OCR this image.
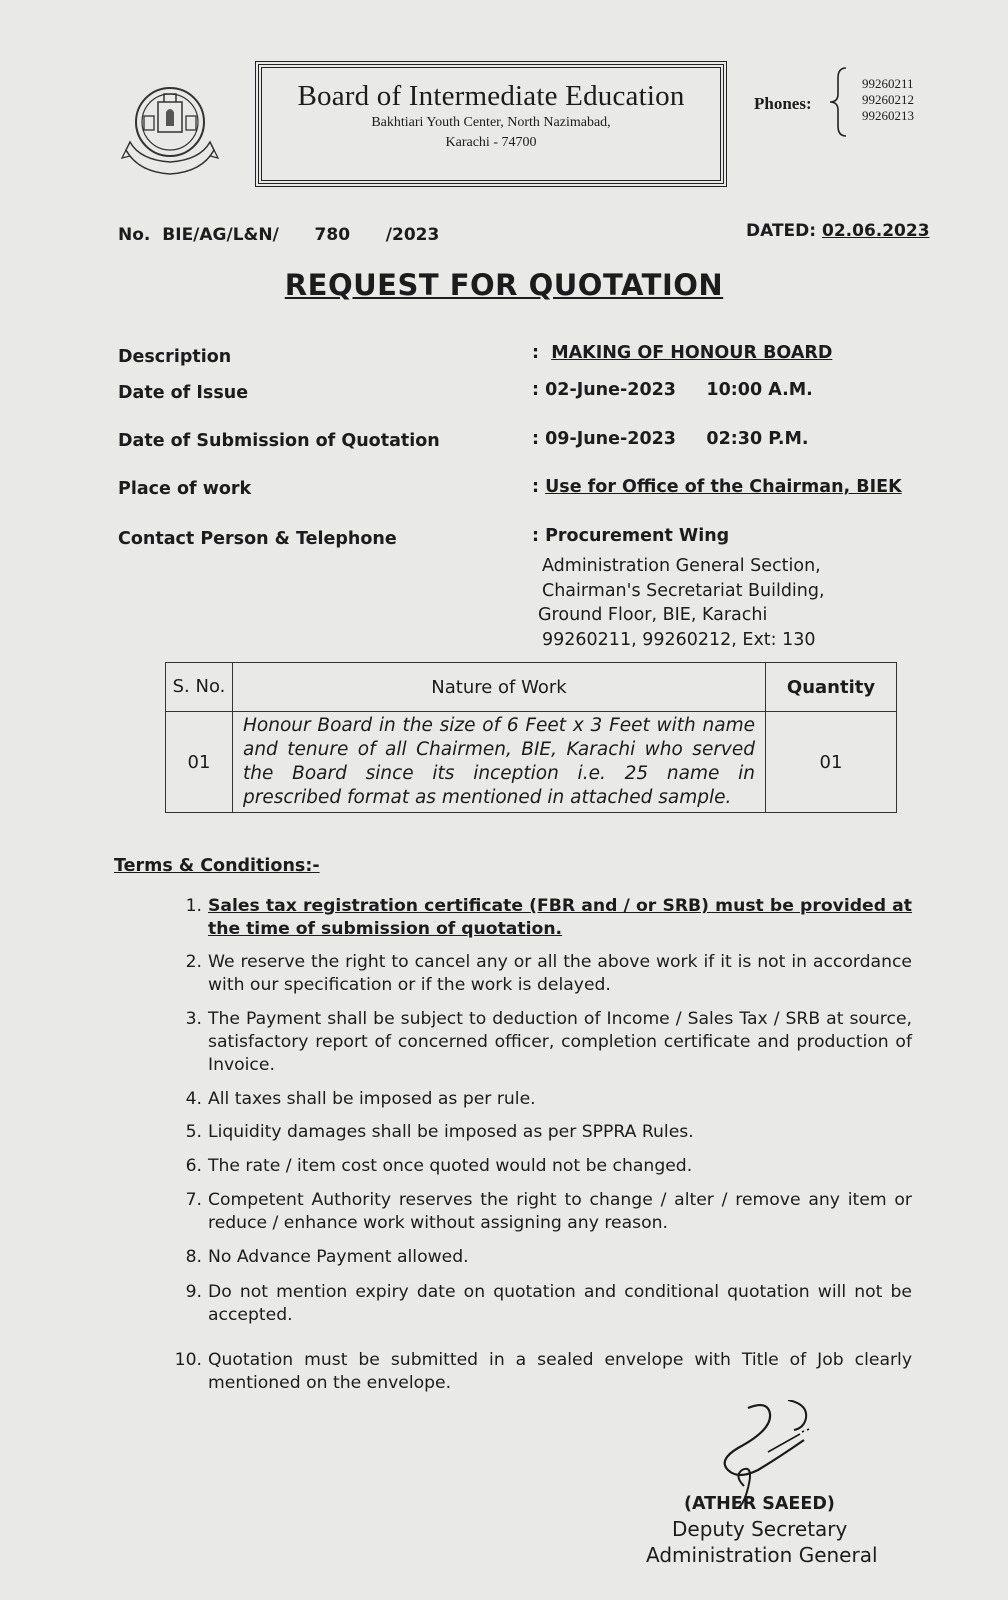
Board of Intermediate Education
Bakhtiari Youth Center, North Nazimabad,
Karachi - 74700
Phones:
99260211
99260212
99260213
No. BIE/AG/L&N/   780   /2023	DATED: 02.06.2023
REQUEST FOR QUOTATION
Description	:  MAKING OF HONOUR BOARD
Date of Issue	: 02-June-2023     10:00 A.M.
Date of Submission of Quotation	: 09-June-2023     02:30 P.M.
Place of work	: Use for Office of the Chairman, BIEK
Contact Person & Telephone	: Procurement Wing
Administration General Section,
Chairman's Secretariat Building,
Ground Floor, BIE, Karachi
99260211, 99260212, Ext: 130
S. No.	Nature of Work	Quantity
01	Honour Board in the size of 6 Feet x 3 Feet with name and tenure of all Chairmen, BIE, Karachi who served the Board since its inception i.e. 25 name in prescribed format as mentioned in attached sample.	01
Terms & Conditions:-
1. Sales tax registration certificate (FBR and / or SRB) must be provided at the time of submission of quotation.
2. We reserve the right to cancel any or all the above work if it is not in accordance with our specification or if the work is delayed.
3. The Payment shall be subject to deduction of Income / Sales Tax / SRB at source, satisfactory report of concerned officer, completion certificate and production of Invoice.
4. All taxes shall be imposed as per rule.
5. Liquidity damages shall be imposed as per SPPRA Rules.
6. The rate / item cost once quoted would not be changed.
7. Competent Authority reserves the right to change / alter / remove any item or reduce / enhance work without assigning any reason.
8. No Advance Payment allowed.
9. Do not mention expiry date on quotation and conditional quotation will not be accepted.
10. Quotation must be submitted in a sealed envelope with Title of Job clearly mentioned on the envelope.
(ATHER SAEED)
Deputy Secretary
Administration General
